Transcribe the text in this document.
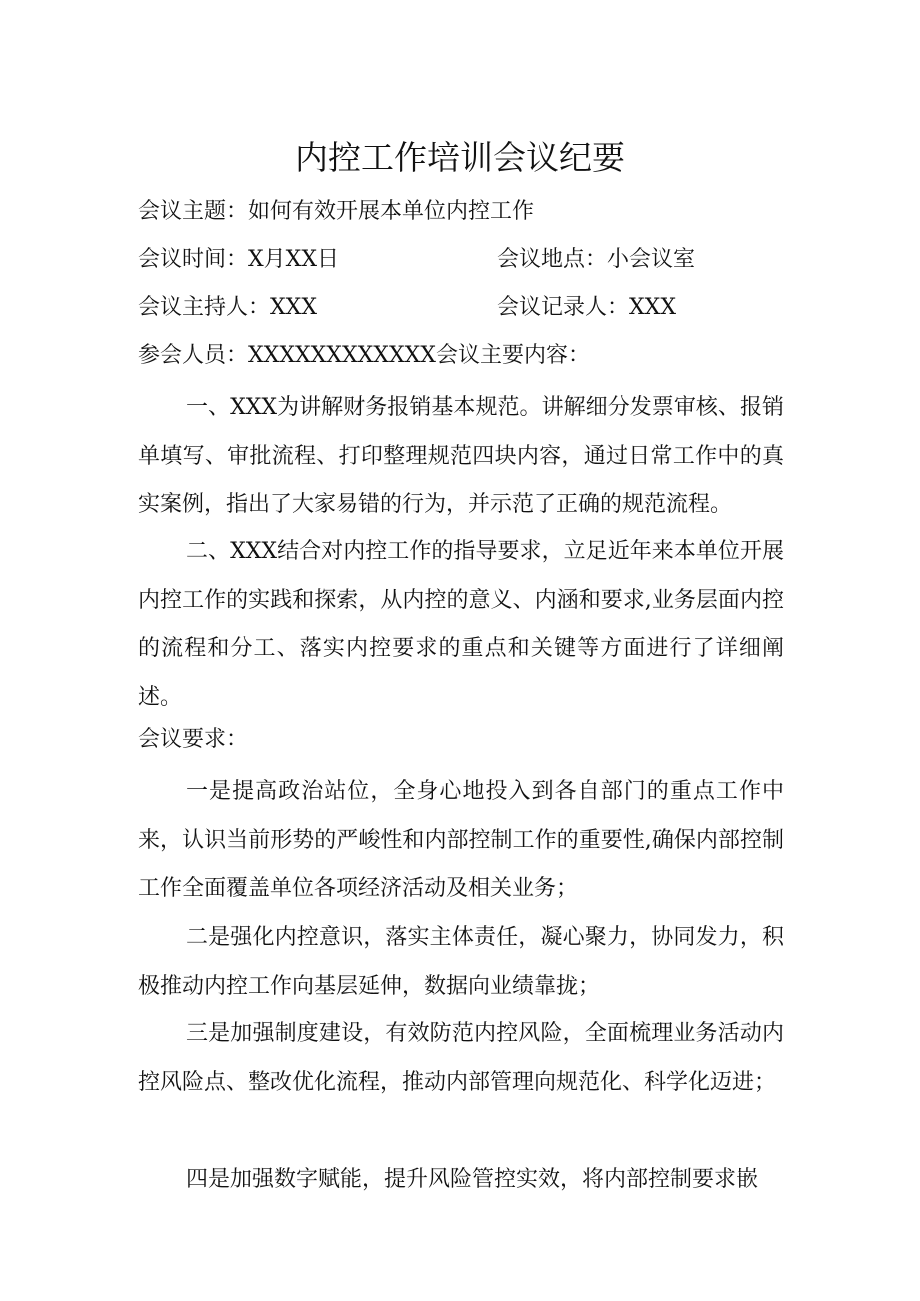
内控工作培训会议纪要

会议主题：如何有效开展本单位内控工作

会议时间：X月XX日	会议地点：小会议室

会议主持人：XXX	会议记录人：XXX

参会人员：XXXXXXXXXXXX会议主要内容：

一、XXX为讲解财务报销基本规范。讲解细分发票审核、报销单填写、审批流程、打印整理规范四块内容，通过日常工作中的真实案例，指出了大家易错的行为，并示范了正确的规范流程。

二、XXX结合对内控工作的指导要求，立足近年来本单位开展内控工作的实践和探索，从内控的意义、内涵和要求,业务层面内控的流程和分工、落实内控要求的重点和关键等方面进行了详细阐述。

会议要求：

一是提高政治站位，全身心地投入到各自部门的重点工作中来，认识当前形势的严峻性和内部控制工作的重要性,确保内部控制工作全面覆盖单位各项经济活动及相关业务；

二是强化内控意识，落实主体责任，凝心聚力，协同发力，积极推动内控工作向基层延伸，数据向业绩靠拢；

三是加强制度建设，有效防范内控风险，全面梳理业务活动内控风险点、整改优化流程，推动内部管理向规范化、科学化迈进；

四是加强数字赋能，提升风险管控实效，将内部控制要求嵌
